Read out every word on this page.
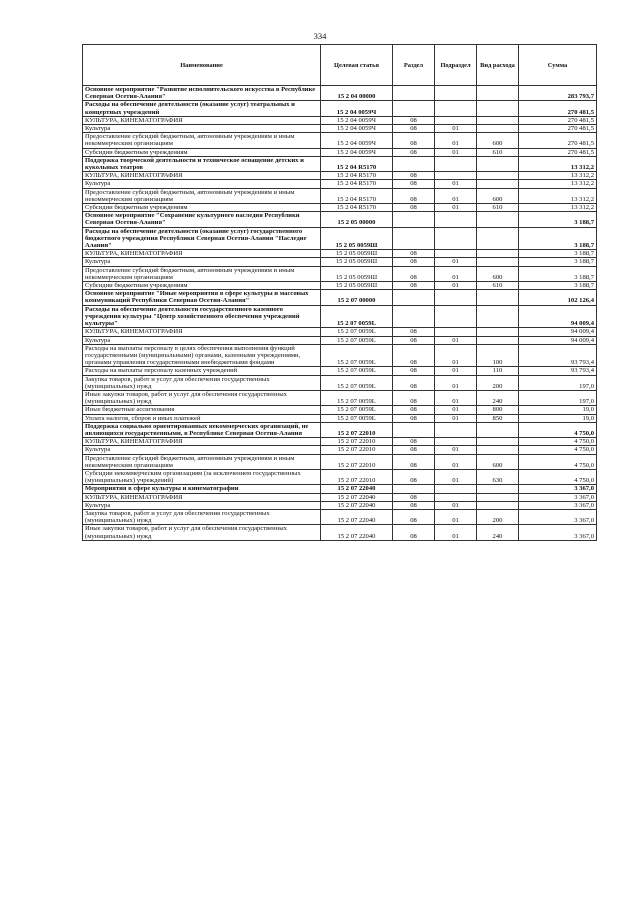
334
Наименование	Целевая статья	Раздел	Подраздел	Вид расхода	Сумма
Основное мероприятие "Развитие исполнительского искусства в Республике Северная Осетия-Алания"	15 2 04 00000				283 793,7
Расходы на обеспечение деятельности (оказание услуг) театральных и концертных учреждений	15 2 04 0059Ч				270 481,5
КУЛЬТУРА, КИНЕМАТОГРАФИЯ	15 2 04 0059Ч	08			270 481,5
Культура	15 2 04 0059Ч	08	01		270 481,5
Предоставление субсидий бюджетным, автономным учреждениям и иным некоммерческим организациям	15 2 04 0059Ч	08	01	600	270 481,5
Субсидии бюджетным учреждениям	15 2 04 0059Ч	08	01	610	270 481,5
Поддержка творческой деятельности и техническое оснащение детских и кукольных театров	15 2 04 R5170				13 312,2
КУЛЬТУРА, КИНЕМАТОГРАФИЯ	15 2 04 R5170	08			13 312,2
Культура	15 2 04 R5170	08	01		13 312,2
Предоставление субсидий бюджетным, автономным учреждениям и иным некоммерческим организациям	15 2 04 R5170	08	01	600	13 312,2
Субсидии бюджетным учреждениям	15 2 04 R5170	08	01	610	13 312,2
Основное мероприятие "Сохранение культурного наследия Республики Северная Осетия-Алания"	15 2 05 00000				3 188,7
Расходы на обеспечение деятельности (оказание услуг) государственного бюджетного учреждения Республики Северная Осетия-Алания "Наследие Алании"	15 2 05 0059Ш				3 188,7
КУЛЬТУРА, КИНЕМАТОГРАФИЯ	15 2 05 0059Ш	08			3 188,7
Культура	15 2 05 0059Ш	08	01		3 188,7
Предоставление субсидий бюджетным, автономным учреждениям и иным некоммерческим организациям	15 2 05 0059Ш	08	01	600	3 188,7
Субсидии бюджетным учреждениям	15 2 05 0059Ш	08	01	610	3 188,7
Основное мероприятие "Иные мероприятия в сфере культуры и массовых коммуникаций Республики Северная Осетия-Алания"	15 2 07 00000				102 126,4
Расходы на обеспечение деятельности государственного казенного учреждения культуры "Центр хозяйственного обеспечения учреждений культуры"	15 2 07 0059L				94 009,4
КУЛЬТУРА, КИНЕМАТОГРАФИЯ	15 2 07 0059L	08			94 009,4
Культура	15 2 07 0059L	08	01		94 009,4
Расходы на выплаты персоналу в целях обеспечения выполнения функций государственными (муниципальными) органами, казенными учреждениями, органами управления государственными внебюджетными фондами	15 2 07 0059L	08	01	100	93 793,4
Расходы на выплаты персоналу казенных учреждений	15 2 07 0059L	08	01	110	93 793,4
Закупка товаров, работ и услуг для обеспечения государственных (муниципальных) нужд	15 2 07 0059L	08	01	200	197,0
Иные закупки товаров, работ и услуг для обеспечения государственных (муниципальных) нужд	15 2 07 0059L	08	01	240	197,0
Иные бюджетные ассигнования	15 2 07 0059L	08	01	800	19,0
Уплата налогов, сборов и иных платежей	15 2 07 0059L	08	01	850	19,0
Поддержка социально ориентированных некоммерческих организаций, не являющихся государственными, в Республике Северная Осетия-Алания	15 2 07 22010				4 750,0
КУЛЬТУРА, КИНЕМАТОГРАФИЯ	15 2 07 22010	08			4 750,0
Культура	15 2 07 22010	08	01		4 750,0
Предоставление субсидий бюджетным, автономным учреждениям и иным некоммерческим организациям	15 2 07 22010	08	01	600	4 750,0
Субсидии некоммерческим организациям (за исключением государственных (муниципальных) учреждений)	15 2 07 22010	08	01	630	4 750,0
Мероприятия в сфере культуры и кинематографии	15 2 07 22040				3 367,0
КУЛЬТУРА, КИНЕМАТОГРАФИЯ	15 2 07 22040	08			3 367,0
Культура	15 2 07 22040	08	01		3 367,0
Закупка товаров, работ и услуг для обеспечения государственных (муниципальных) нужд	15 2 07 22040	08	01	200	3 367,0
Иные закупки товаров, работ и услуг для обеспечения государственных (муниципальных) нужд	15 2 07 22040	08	01	240	3 367,0
